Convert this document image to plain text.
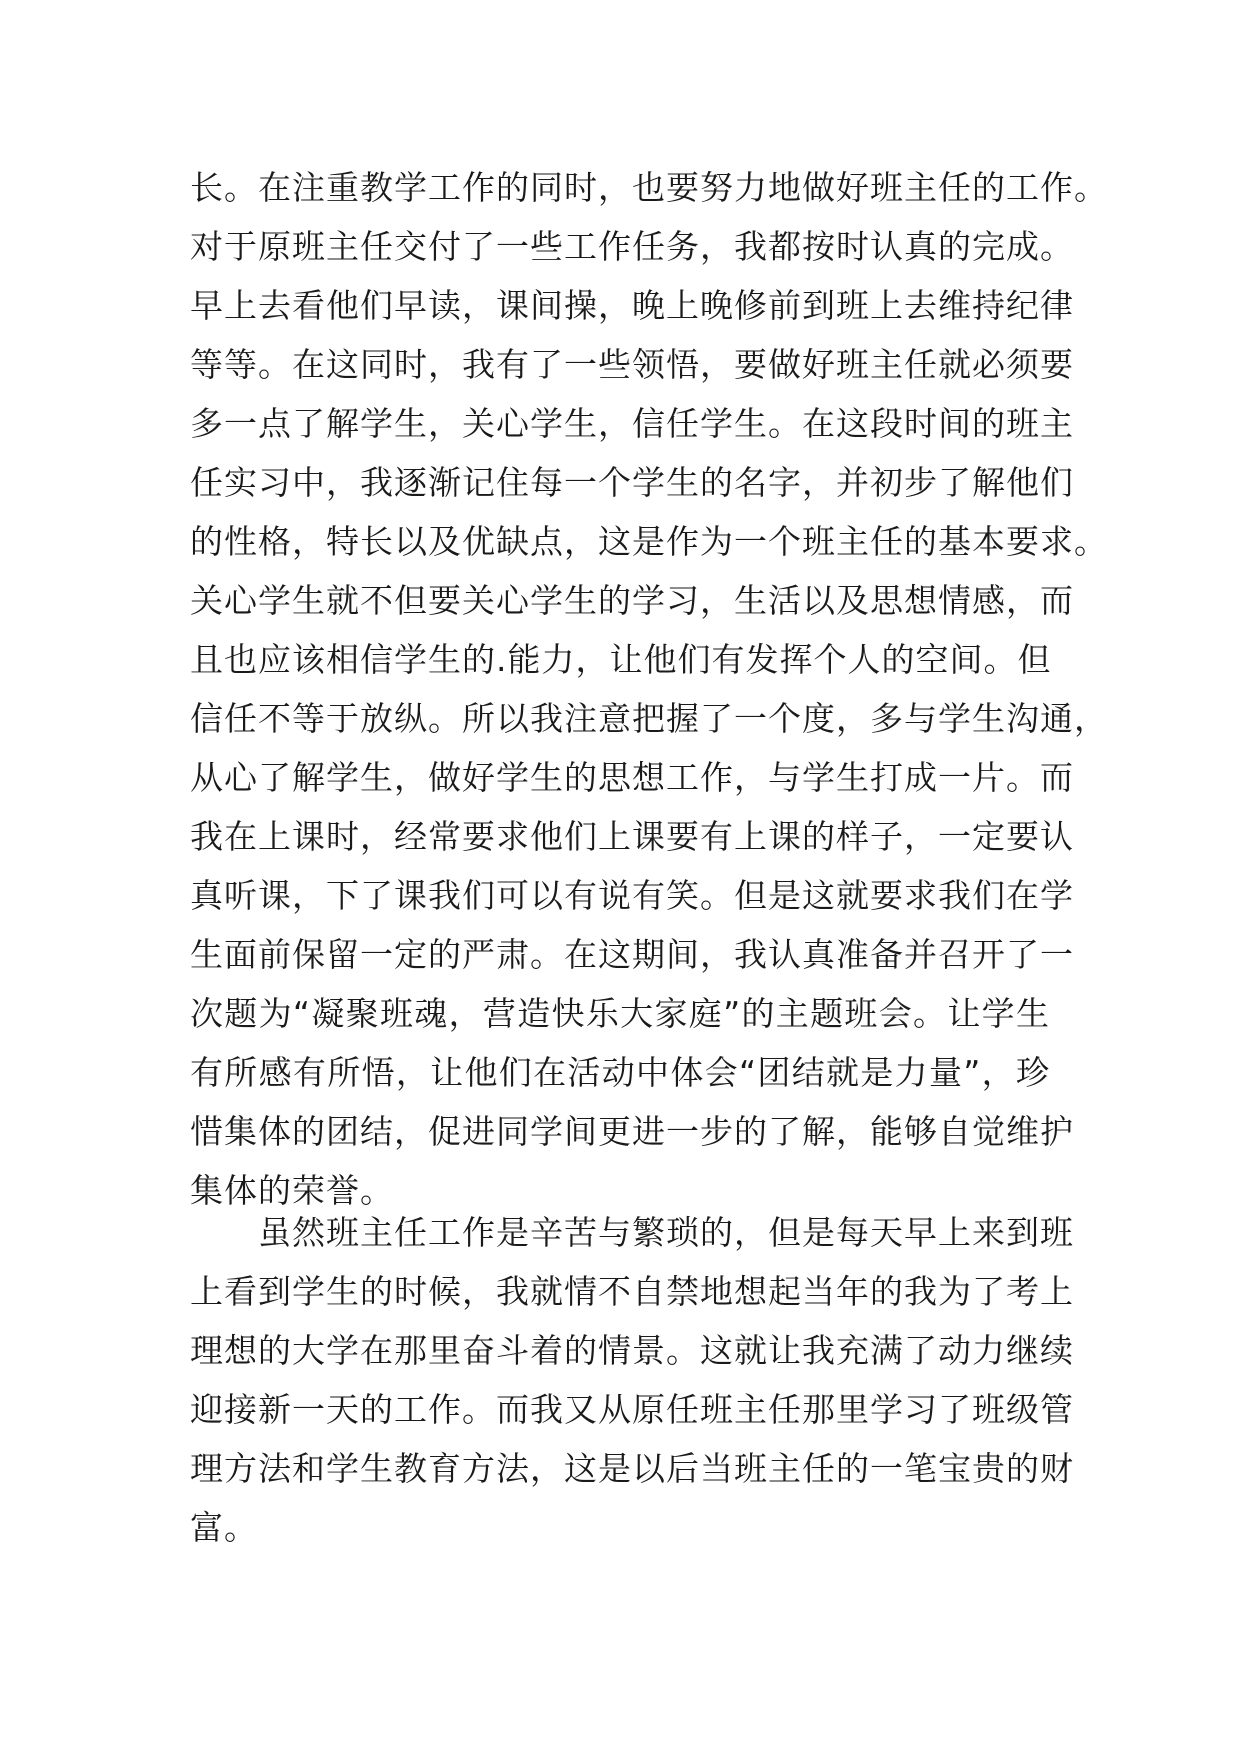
长。在注重教学工作的同时，也要努力地做好班主任的工作。
对于原班主任交付了一些工作任务，我都按时认真的完成。
早上去看他们早读，课间操，晚上晚修前到班上去维持纪律
等等。在这同时，我有了一些领悟，要做好班主任就必须要
多一点了解学生，关心学生，信任学生。在这段时间的班主
任实习中，我逐渐记住每一个学生的名字，并初步了解他们
的性格，特长以及优缺点，这是作为一个班主任的基本要求。
关心学生就不但要关心学生的学习，生活以及思想情感，而
且也应该相信学生的.能力，让他们有发挥个人的空间。但
信任不等于放纵。所以我注意把握了一个度，多与学生沟通，
从心了解学生，做好学生的思想工作，与学生打成一片。而
我在上课时，经常要求他们上课要有上课的样子，一定要认
真听课，下了课我们可以有说有笑。但是这就要求我们在学
生面前保留一定的严肃。在这期间，我认真准备并召开了一
次题为“凝聚班魂，营造快乐大家庭”的主题班会。让学生
有所感有所悟，让他们在活动中体会“团结就是力量”，珍
惜集体的团结，促进同学间更进一步的了解，能够自觉维护
集体的荣誉。
　　虽然班主任工作是辛苦与繁琐的，但是每天早上来到班
上看到学生的时候，我就情不自禁地想起当年的我为了考上
理想的大学在那里奋斗着的情景。这就让我充满了动力继续
迎接新一天的工作。而我又从原任班主任那里学习了班级管
理方法和学生教育方法，这是以后当班主任的一笔宝贵的财
富。
